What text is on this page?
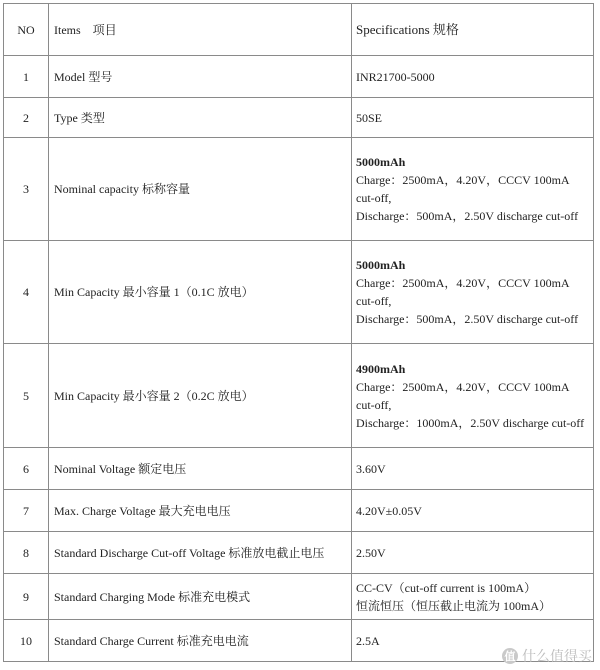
NO	Items　项目	Specifications 规格
1	Model 型号	INR21700-5000

2	Type 类型	50SE

3	Nominal capacity 标称容量	5000mAh
Charge：2500mA，4.20V，CCCV 100mA
cut-off,
Discharge：500mA，2.50V discharge cut-off

4	Min Capacity 最小容量 1（0.1C 放电）	5000mAh
Charge：2500mA，4.20V，CCCV 100mA
cut-off,
Discharge：500mA，2.50V discharge cut-off

5	Min Capacity 最小容量 2（0.2C 放电）	4900mAh
Charge：2500mA，4.20V，CCCV 100mA
cut-off,
Discharge：1000mA，2.50V discharge cut-off

6	Nominal Voltage 额定电压	3.60V

7	Max. Charge Voltage 最大充电电压	4.20V±0.05V

8	Standard Discharge Cut-off Voltage 标准放电截止电压	2.50V

9	Standard Charging Mode 标准充电模式	CC-CV（cut-off current is 100mA）
恒流恒压（恒压截止电流为 100mA）

10	Standard Charge Current 标准充电电流	2.5A
值 什么值得买
